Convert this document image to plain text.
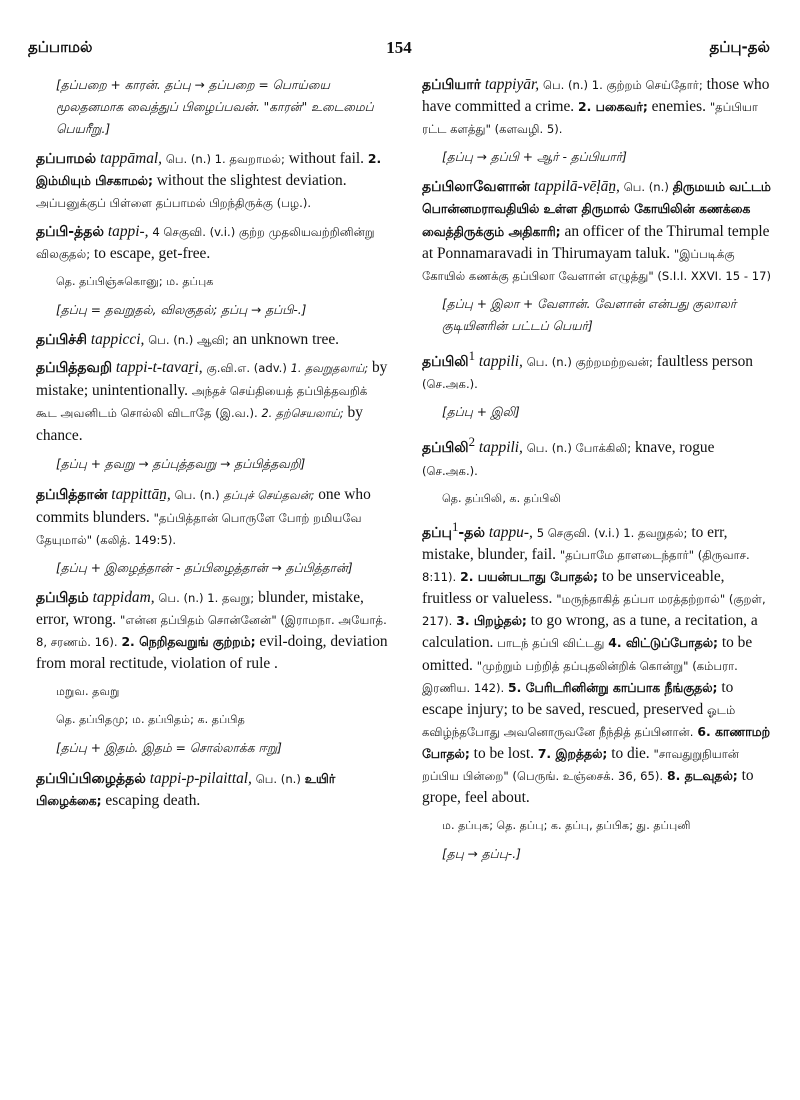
தப்பாமல்	154	தப்பு-தல்
[தப்பறை + காரன். தப்பு → தப்பறை = பொய்யை மூலதனமாக வைத்துப் பிழைப்பவன். "காரன்" உடைமைப் பெயரீறு.]
தப்பாமல் tappāmal, பெ. (n.) 1. தவறாமல்; without fail. 2. இம்மியும் பிசகாமல்; without the slightest deviation. அப்பனுக்குப் பிள்ளை தப்பாமல் பிறந்திருக்கு (பழ.).
தப்பி-த்தல் tappi-, 4 செகுவி. (v.i.) குற்ற முதலியவற்றினின்று விலகுதல்; to escape, get-free.
தெ. தப்பிஞ்சுகொனு; ம. தப்புக
[தப்பு = தவறுதல், விலகுதல்; தப்பு → தப்பி-.]
தப்பிச்சி tappicci, பெ. (n.) ஆவி; an unknown tree.
தப்பித்தவறி tappi-t-tavaṟi, கு.வி.எ. (adv.) 1. தவறுதலாய்; by mistake; unintentionally. அந்தச் செய்தியைத் தப்பித்தவறிக் கூட அவனிடம் சொல்லி விடாதே (இ.வ.). 2. தற்செயலாய்; by chance.
[தப்பு + தவறு → தப்புத்தவறு → தப்பித்தவறி]
தப்பித்தான் tappittāṉ, பெ. (n.) தப்புச் செய்தவன்; one who commits blunders. "தப்பித்தான் பொருளே போற் றமியவே தேயுமால்" (கலித். 149:5).
[தப்பு + இழைத்தான் - தப்பிழைத்தான் → தப்பித்தான்]
தப்பிதம் tappidam, பெ. (n.) 1. தவறு; blunder, mistake, error, wrong. "என்ன தப்பிதம் சொன்னேன்" (இராமநா. அயோத். 8, சரணம். 16). 2. நெறிதவறுங் குற்றம்; evil-doing, deviation from moral rectitude, violation of rule .
மறுவ. தவறு
தெ. தப்பிதமு; ம. தப்பிதம்; க. தப்பித
[தப்பு + இதம். இதம் = சொல்லாக்க ஈறு]
தப்பிப்பிழைத்தல் tappi-p-pilaittal, பெ. (n.) உயிர் பிழைக்கை; escaping death.
தப்பியார் tappiyār, பெ. (n.) 1. குற்றம் செய்தோர்; those who have committed a crime. 2. பகைவர்; enemies. "தப்பியா ரட்ட களத்து" (களவழி. 5).
[தப்பு → தப்பி + ஆர் - தப்பியார்]
தப்பிலாவேளான் tappilā-vēḷāṉ, பெ. (n.) திருமயம் வட்டம் பொன்னமராவதியில் உள்ள திருமால் கோயிலின் கணக்கை வைத்திருக்கும் அதிகாரி; an officer of the Thirumal temple at Ponnamaravadi in Thirumayam taluk. "இப்படிக்கு கோயில் கணக்கு தப்பிலா வேளான் எழுத்து" (S.I.I. XXVI. 15 - 17)
[தப்பு + இலா + வேளான். வேளான் என்பது குலாலர் குடியினரின் பட்டப் பெயர்]
தப்பிலி$^1$ tappili, பெ. (n.) குற்றமற்றவன்; faultless person (செ.அக.).
[தப்பு + இலி]
தப்பிலி$^2$ tappili, பெ. (n.) போக்கிலி; knave, rogue (செ.அக.).
தெ. தப்பிலி, க. தப்பிலி
தப்பு$^1$-தல் tappu-, 5 செகுவி. (v.i.) 1. தவறுதல்; to err, mistake, blunder, fail. "தப்பாமே தாளடைந்தார்" (திருவாச. 8:11). 2. பயன்படாது போதல்; to be unserviceable, fruitless or valueless. "மருந்தாகித் தப்பா மரத்தற்றால்" (குறள், 217). 3. பிறழ்தல்; to go wrong, as a tune, a recitation, a calculation. பாடந் தப்பி விட்டது 4. விட்டுப்போதல்; to be omitted. "முற்றும் பற்றித் தப்புதலின்றிக் கொன்று" (கம்பரா. இரணிய. 142). 5. பேரிடரினின்று காப்பாக நீங்குதல்; to escape injury; to be saved, rescued, preserved ஓடம் கவிழ்ந்தபோது அவனொருவனே நீந்தித் தப்பினான். 6. காணாமற் போதல்; to be lost. 7. இறத்தல்; to die. "சாவதுறுநியான் றப்பிய பின்றை" (பெருங். உஞ்சைக். 36, 65). 8. தடவுதல்; to grope, feel about.
ம. தப்புக; தெ. தப்பு; க. தப்பு, தப்பிக; து. தப்புனி
[தபு → தப்பு-.]
